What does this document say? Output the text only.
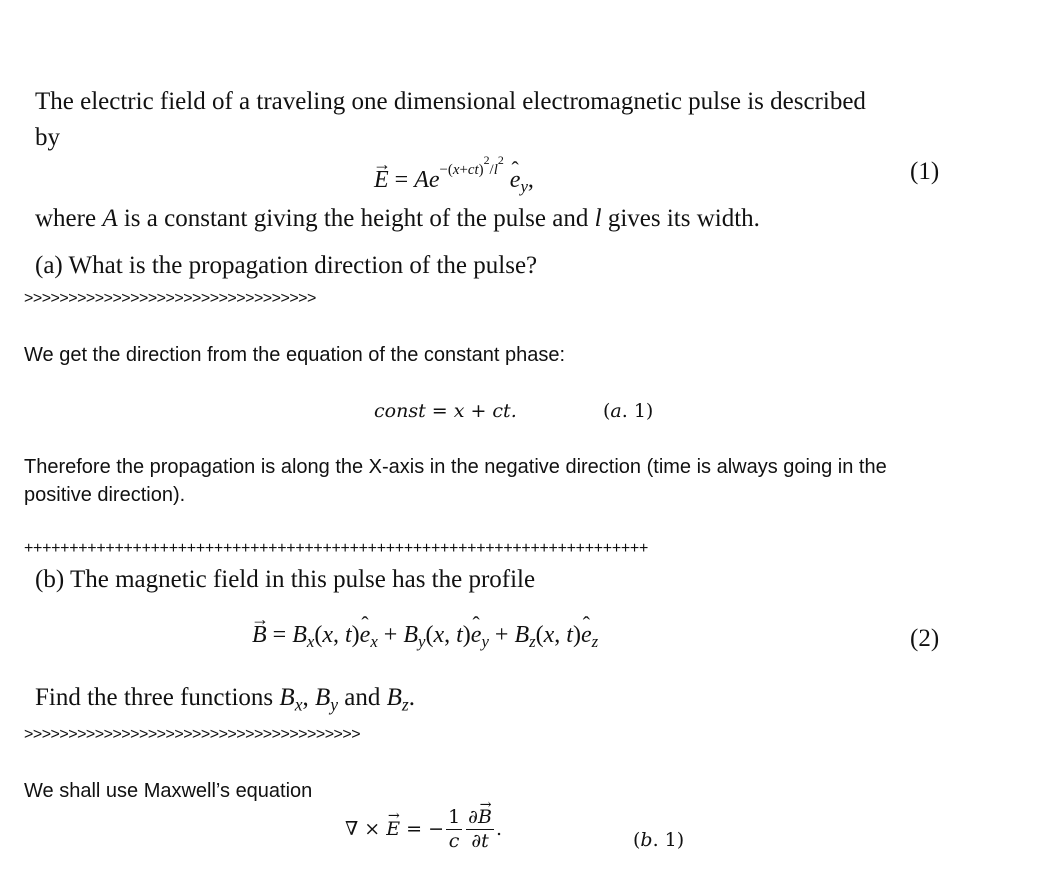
The electric field of a traveling one dimensional electromagnetic pulse is described
by
→ $E = Ae^{-(x+ct)^2/l^2}$ ˆ $e_y$,	(1)
where A is a constant giving the height of the pulse and l gives its width.
(a) What is the propagation direction of the pulse?
>>>>>>>>>>>>>>>>>>>>>>>>>>>>>>>>>
We get the direction from the equation of the constant phase:
const = x + ct.	(a. 1)
Therefore the propagation is along the X-axis in the negative direction (time is always going in the
positive direction).
+++++++++++++++++++++++++++++++++++++++++++++++++++++++++++++++++++++
(b) The magnetic field in this pulse has the profile
→ $B = B_x(x$, t)ˆ $e_x + B_y(x$, t)ˆ $e_y + B_z(x$, t)ˆ $e_z$	(2)
Find the three functions $B_x$, $B_y$ and $B_z$.
>>>>>>>>>>>>>>>>>>>>>>>>>>>>>>>>>>>>>>
We shall use Maxwell’s equation
∇ × → E = − $\frac{1}{c} \frac{\partial\to B}{\partial t}$ .
(b. 1)
